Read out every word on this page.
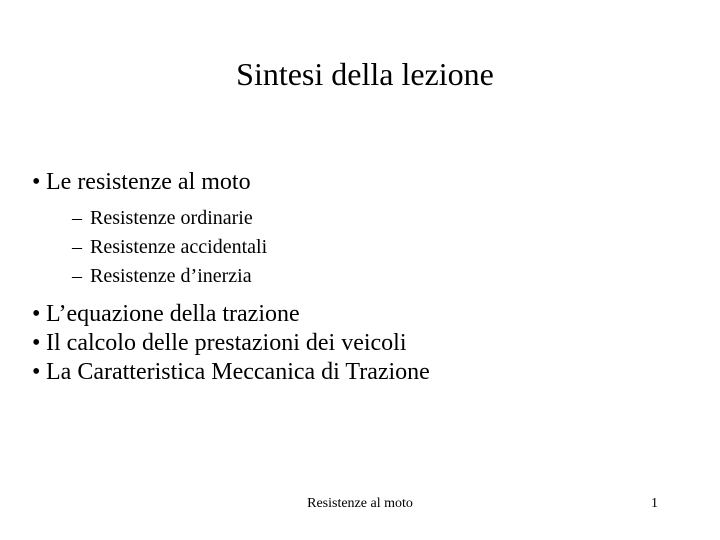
Sintesi della lezione
• Le resistenze al moto
– Resistenze ordinarie
– Resistenze accidentali
– Resistenze d’inerzia
• L’equazione della trazione
• Il calcolo delle prestazioni dei veicoli
• La Caratteristica Meccanica di Trazione
Resistenze al moto	1
